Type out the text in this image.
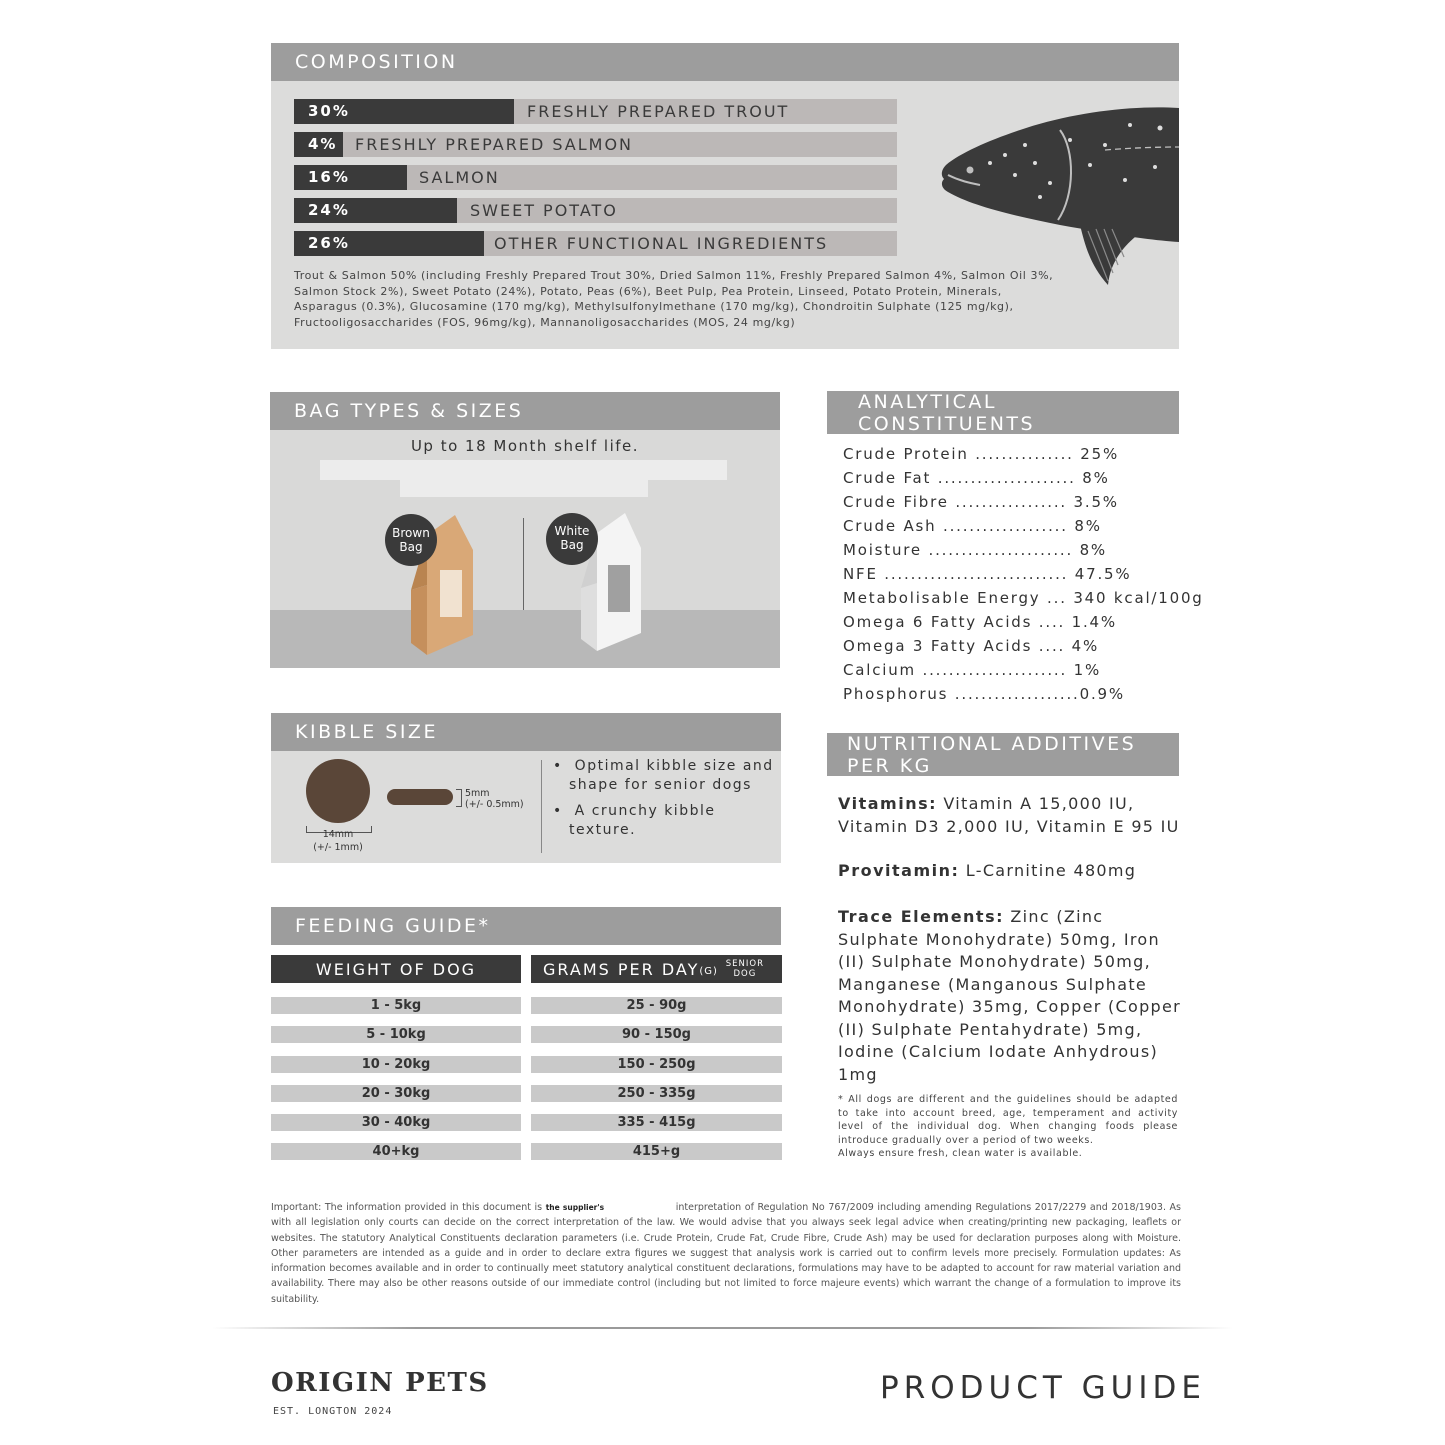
COMPOSITION
30%	FRESHLY PREPARED TROUT
4% FRESHLY PREPARED SALMON
16%	SALMON
24%	SWEET POTATO
26%	OTHER FUNCTIONAL INGREDIENTS
Trout & Salmon 50% (including Freshly Prepared Trout 30%, Dried Salmon 11%, Freshly Prepared Salmon 4%, Salmon Oil 3%, Salmon Stock 2%), Sweet Potato (24%), Potato, Peas (6%), Beet Pulp, Pea Protein, Linseed, Potato Protein, Minerals, Asparagus (0.3%), Glucosamine (170 mg/kg), Methylsulfonylmethane (170 mg/kg), Chondroitin Sulphate (125 mg/kg), Fructooligosaccharides (FOS, 96mg/kg), Mannanoligosaccharides (MOS, 24 mg/kg)
BAG TYPES & SIZES
Up to 18 Month shelf life.
Brown
Bag
White
Bag
KIBBLE SIZE
14mm
(+/- 1mm)
5mm
(+/- 0.5mm)
•  Optimal kibble size and
shape for senior dogs
•  A crunchy kibble
texture.
FEEDING GUIDE*
WEIGHT OF DOG	GRAMS PER DAY (G)
SENIOR
DOG
1 - 5kg	25 - 90g
5 - 10kg	90 - 150g
10 - 20kg	150 - 250g
20 - 30kg	250 - 335g
30 - 40kg	335 - 415g
40+kg	415+g
ANALYTICAL CONSTITUENTS
Crude Protein ............... 25%
Crude Fat ..................... 8%
Crude Fibre ................. 3.5%
Crude Ash ................... 8%
Moisture ...................... 8%
NFE ............................ 47.5%
Metabolisable Energy ... 340 kcal/100g
Omega 6 Fatty Acids .... 1.4%
Omega 3 Fatty Acids .... 4%
Calcium ...................... 1%
Phosphorus ...................0.9%
NUTRITIONAL ADDITIVES PER KG
Vitamins: Vitamin A 15,000 IU, Vitamin D3 2,000 IU, Vitamin E 95 IU
Provitamin: L-Carnitine 480mg
Trace Elements: Zinc (Zinc Sulphate Monohydrate) 50mg, Iron (II) Sulphate Monohydrate) 50mg, Manganese (Manganous Sulphate Monohydrate) 35mg, Copper (Copper (II) Sulphate Pentahydrate) 5mg, Iodine (Calcium Iodate Anhydrous) 1mg
* All dogs are different and the guidelines should be adapted to take into account breed, age, temperament and activity level of the individual dog. When changing foods please introduce gradually over a period of two weeks.
Always ensure fresh, clean water is available.
Important: The information provided in this document is the supplier's	interpretation of Regulation No 767/2009 including amending Regulations 2017/2279 and 2018/1903. As with all legislation only courts can decide on the correct interpretation of the law. We would advise that you always seek legal advice when creating/printing new packaging, leaflets or websites. The statutory Analytical Constituents declaration parameters (i.e. Crude Protein, Crude Fat, Crude Fibre, Crude Ash) may be used for declaration purposes along with Moisture. Other parameters are intended as a guide and in order to declare extra figures we suggest that analysis work is carried out to confirm levels more precisely. Formulation updates: As information becomes available and in order to continually meet statutory analytical constituent declarations, formulations may have to be adapted to account for raw material variation and availability. There may also be other reasons outside of our immediate control (including but not limited to force majeure events) which warrant the change of a formulation to improve its suitability.
ORIGIN PETS
EST. LONGTON 2024
PRODUCT GUIDE
